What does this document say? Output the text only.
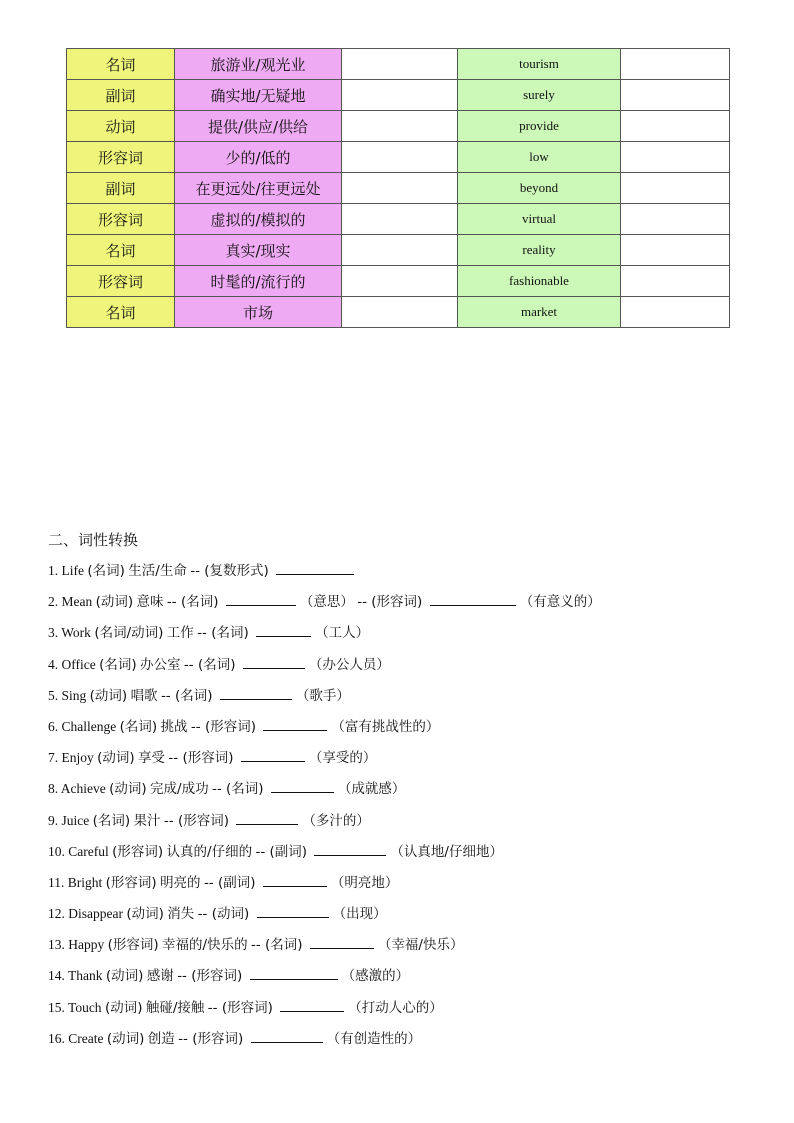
名词	旅游业/观光业		tourism	
副词	确实地/无疑地		surely	
动词	提供/供应/供给		provide	
形容词	少的/低的		low	
副词	在更远处/往更远处		beyond	
形容词	虚拟的/模拟的		virtual	
名词	真实/现实		reality	
形容词	时髦的/流行的		fashionable	
名词	市场		market	
二、词性转换
1. Life (名词) 生活/生命 -- (复数形式)
2. Mean (动词) 意味 -- (名词)	（意思） -- (形容词)	（有意义的）
3. Work (名词/动词) 工作 -- (名词)	（工人）
4. Office (名词) 办公室 -- (名词)	（办公人员）
5. Sing (动词) 唱歌 -- (名词)	（歌手）
6. Challenge (名词) 挑战 -- (形容词)	（富有挑战性的）
7. Enjoy (动词) 享受 -- (形容词)	（享受的）
8. Achieve (动词) 完成/成功 -- (名词)	（成就感）
9. Juice (名词) 果汁 -- (形容词)	（多汁的）
10. Careful (形容词) 认真的/仔细的 -- (副词)	（认真地/仔细地）
11. Bright (形容词) 明亮的 -- (副词)	（明亮地）
12. Disappear (动词) 消失 -- (动词)	（出现）
13. Happy (形容词) 幸福的/快乐的 -- (名词)	（幸福/快乐）
14. Thank (动词) 感谢 -- (形容词)	（感激的）
15. Touch (动词) 触碰/接触 -- (形容词)	（打动人心的）
16. Create (动词) 创造 -- (形容词)	（有创造性的）
